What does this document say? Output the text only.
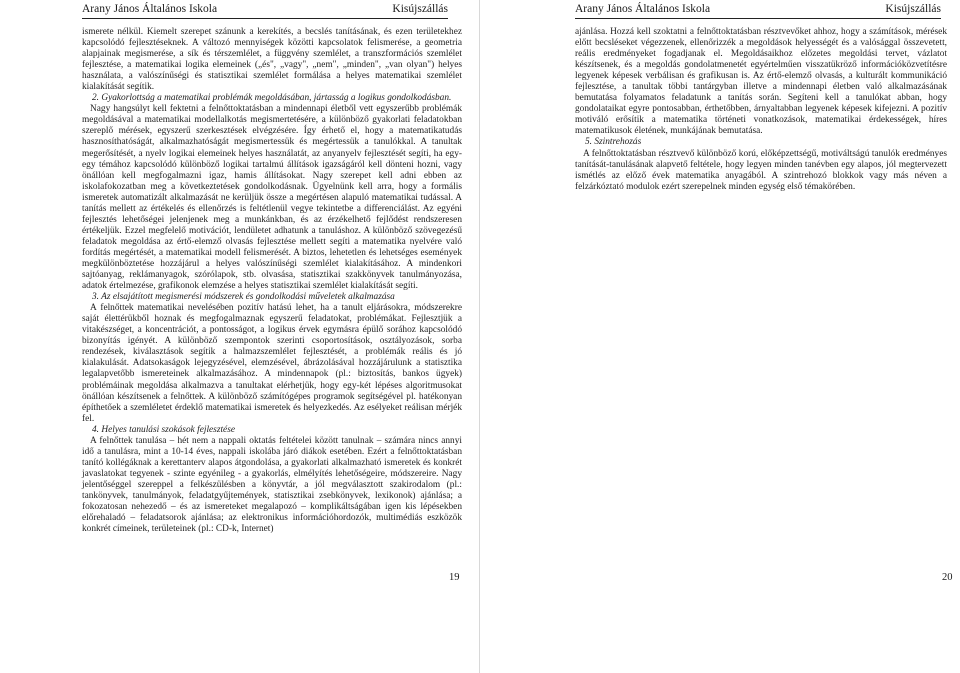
Arany János Általános Iskola	Kisújszállás

ismerete nélkül. Kiemelt szerepet szánunk a kerekítés, a becslés tanításának, és ezen területekhez kapcsolódó fejlesztéseknek. A változó mennyiségek közötti kapcsolatok felismerése, a geometria alapjainak megismerése, a sík és térszemlélet, a függvény szemlélet, a transzformációs szemlélet fejlesztése, a matematikai logika elemeinek („és", „vagy", „nem", „minden", „van olyan") helyes használata, a valószínűségi és statisztikai szemlélet formálása a helyes matematikai szemlélet kialakítását segítik.

2. Gyakorlottság a matematikai problémák megoldásában, jártasság a logikus gondolkodásban.

Nagy hangsúlyt kell fektetni a felnőttoktatásban a mindennapi életből vett egyszerűbb problémák megoldásával a matematikai modellalkotás megismertetésére, a különböző gyakorlati feladatokban szereplő mérések, egyszerű szerkesztések elvégzésére. Így érhető el, hogy a matematikatudás hasznosíthatóságát, alkalmazhatóságát megismertessük és megértessük a tanulókkal. A tanultak megerősítését, a nyelv logikai elemeinek helyes használatát, az anyanyelv fejlesztését segíti, ha egy-egy témához kapcsolódó különböző logikai tartalmú állítások igazságáról kell dönteni hozni, vagy önállóan kell megfogalmazni igaz, hamis állításokat. Nagy szerepet kell adni ebben az iskolafokozatban meg a következtetések gondolkodásnak. Ügyelnünk kell arra, hogy a formális ismeretek automatizált alkalmazását ne kerüljük össze a megértésen alapuló matematikai tudással. A tanítás mellett az értékelés és ellenőrzés is feltétlenül vegye tekintetbe a differenciálást. Az egyéni fejlesztés lehetőségei jelenjenek meg a munkánkban, és az érzékelhető fejlődést rendszeresen értékeljük. Ezzel megfelelő motivációt, lendületet adhatunk a tanuláshoz. A különböző szövegezésű feladatok megoldása az értő-elemző olvasás fejlesztése mellett segíti a matematika nyelvére való fordítás megértését, a matematikai modell felismerését. A biztos, lehetetlen és lehetséges események megkülönböztetése hozzájárul a helyes valószínűségi szemlélet kialakításához. A mindenkori sajtóanyag, reklámanyagok, szórólapok, stb. olvasása, statisztikai szakkönyvek tanulmányozása, adatok értelmezése, grafikonok elemzése a helyes statisztikai szemlélet kialakítását segíti.

3. Az elsajátított megismerési módszerek és gondolkodási műveletek alkalmazása

A felnőttek matematikai nevelésében pozitív hatású lehet, ha a tanult eljárásokra, módszerekre saját élettérükből hoznak és megfogalmaznak egyszerű feladatokat, problémákat. Fejlesztjük a vitakészséget, a koncentrációt, a pontosságot, a logikus érvek egymásra épülő sorához kapcsolódó bizonyítás igényét. A különböző szempontok szerinti csoportosítások, osztályozások, sorba rendezések, kiválasztások segítik a halmazszemlélet fejlesztését, a problémák reális és jó kialakulását. Adatsokaságok lejegyzésével, elemzésével, ábrázolásával hozzájárulunk a statisztika legalapvetőbb ismereteinek alkalmazásához. A mindennapok (pl.: biztosítás, bankos ügyek) problémáinak megoldása alkalmazva a tanultakat elérhetjük, hogy egy-két lépéses algoritmusokat önállóan készítsenek a felnőttek. A különböző számítógépes programok segítségével pl. hatékonyan építhetőek a szemléletet érdeklő matematikai ismeretek és helyezkedés. Az esélyeket reálisan mérjék fel.

4. Helyes tanulási szokások fejlesztése

A felnőttek tanulása – hét nem a nappali oktatás feltételei között tanulnak – számára nincs annyi idő a tanulásra, mint a 10-14 éves, nappali iskolába járó diákok esetében. Ezért a felnőttoktatásban tanító kollégáknak a kerettanterv alapos átgondolása, a gyakorlati alkalmazható ismeretek és konkrét javaslatokat tegyenek - szinte egyénileg - a gyakorlás, elmélyítés lehetőségeire, módszereire. Nagy jelentőséggel szereppel a felkészülésben a könyvtár, a jól megválasztott szakirodalom (pl.: tankönyvek, tanulmányok, feladatgyűjtemények, statisztikai zsebkönyvek, lexikonok) ajánlása; a fokozatosan nehezedő – és az ismereteket megalapozó – komplikáltságában igen kis lépésekben előrehaladó – feladatsorok ajánlása; az elektronikus információhordozók, multimédiás eszközök konkrét címeinek, területeinek (pl.: CD-k, Internet)

19
Arany János Általános Iskola	Kisújszállás

ajánlása. Hozzá kell szoktatni a felnőttoktatásban résztvevőket ahhoz, hogy a számítások, mérések előtt becsléseket végezzenek, ellenőrizzék a megoldások helyességét és a valósággal összevetett, reális eredményeket fogadjanak el. Megoldásaikhoz előzetes megoldási tervet, vázlatot készítsenek, és a megoldás gondolatmenetét egyértelműen visszatükröző információközvetítésre legyenek képesek verbálisan és grafikusan is. Az értő-elemző olvasás, a kulturált kommunikáció fejlesztése, a tanultak többi tantárgyban illetve a mindennapi életben való alkalmazásának bemutatása folyamatos feladatunk a tanítás során. Segíteni kell a tanulókat abban, hogy gondolataikat egyre pontosabban, érthetőbben, árnyaltabban legyenek képesek kifejezni. A pozitív motiváló erősítik a matematika történeti vonatkozások, matematikai érdekességek, híres matematikusok életének, munkájának bemutatása.

5. Szintrehozás

A felnőttoktatásban résztvevő különböző korú, előképzettségű, motiváltságú tanulók eredményes tanítását-tanulásának alapvető feltétele, hogy legyen minden tanévben egy alapos, jól megtervezett ismétlés az előző évek matematika anyagából. A szintrehozó blokkok vagy más néven a felzárkóztató modulok ezért szerepelnek minden egység első témakörében.

20
